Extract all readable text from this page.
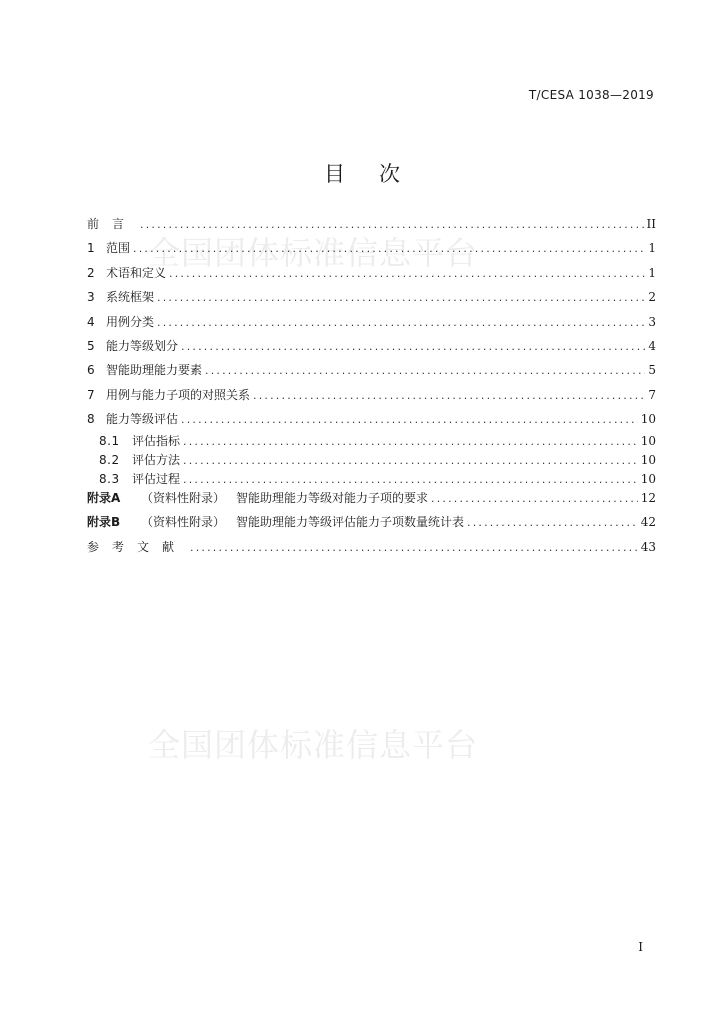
T/CESA 1038—2019
目次
全国团体标准信息平台
全国团体标准信息平台
前言 .....	II
1 范围 .....	1
2 术语和定义 .....	1
3 系统框架 .....	2
4 用例分类 .....	3
5 能力等级划分 .....	4
6 智能助理能力要素 .....	5
7 用例与能力子项的对照关系 .....	7
8 能力等级评估 .....	10
8.1	评估指标 .....	10
8.2	评估方法 .....	10
8.3	评估过程 .....	10
附录A	（资料性附录） 智能助理能力等级对能力子项的要求 .....	12
附录B	（资料性附录） 智能助理能力等级评估能力子项数量统计表 .....	42
参考文献 .....	43
I
